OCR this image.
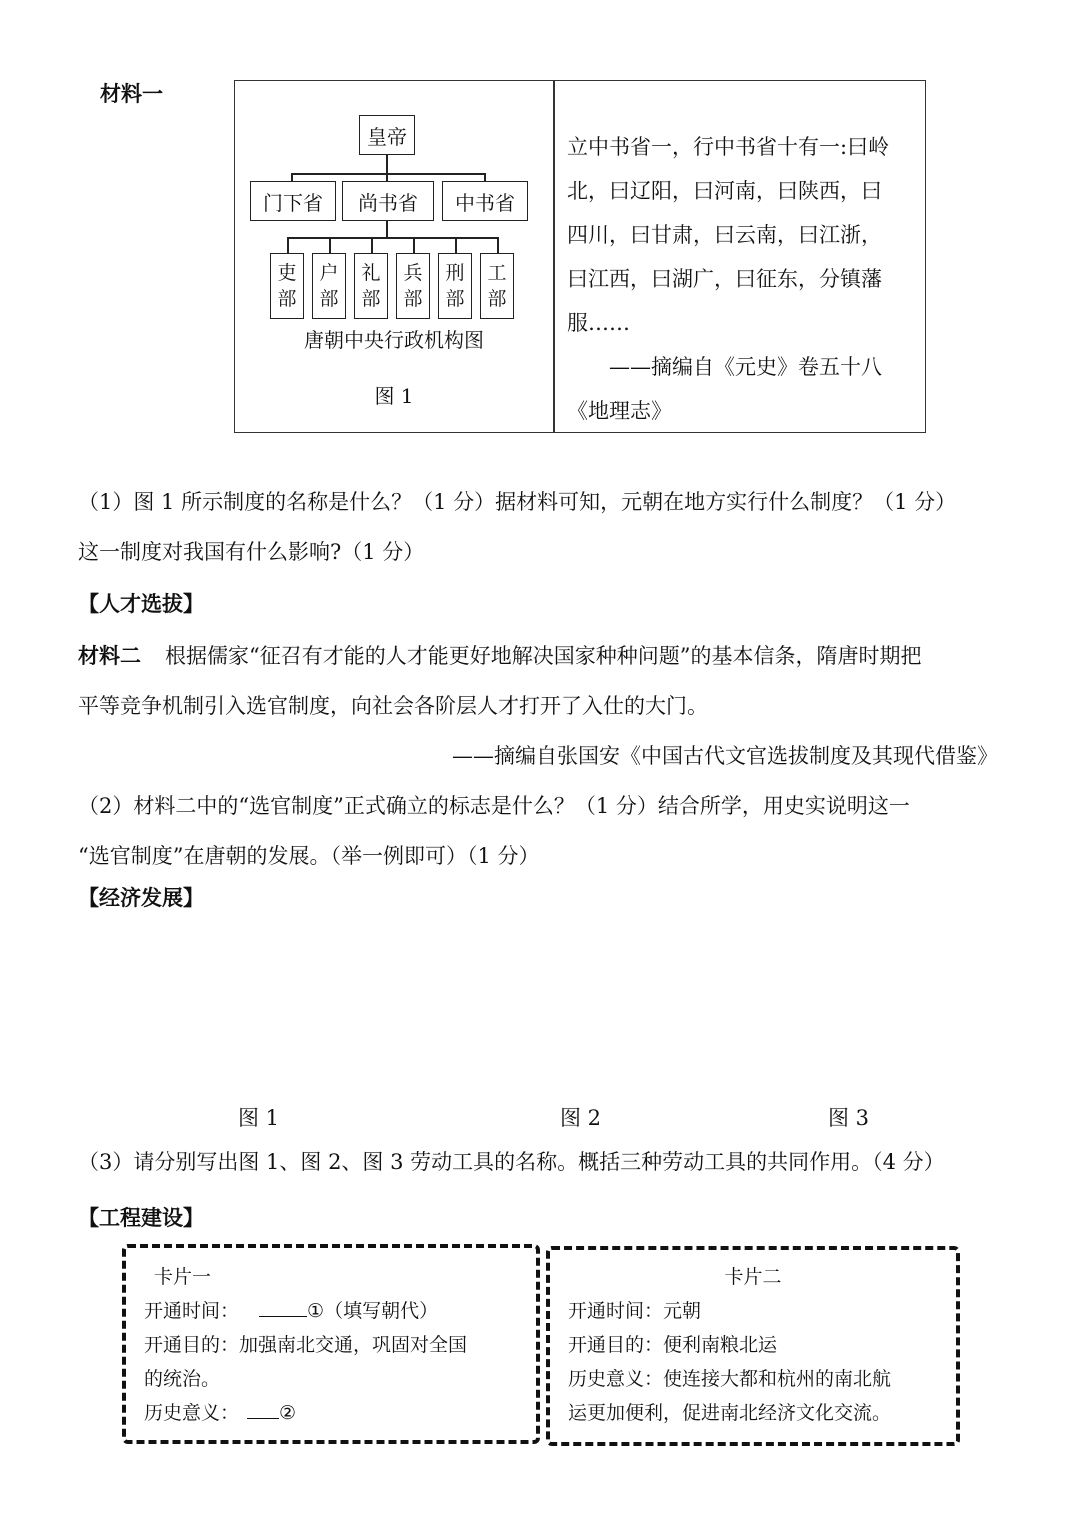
材料一
皇帝
门下省	尚书省	中书省
吏
部
户
部
礼
部
兵
部
刑
部
工
部
唐朝中央行政机构图
图 1
立中书省一，行中书省十有一:曰岭
北，曰辽阳，曰河南，曰陕西，曰
四川，曰甘肃，曰云南，曰江浙，
曰江西，曰湖广，曰征东，分镇藩
服……
——摘编自《元史》卷五十八
《地理志》
（1）图 1 所示制度的名称是什么？（1 分）据材料可知，元朝在地方实行什么制度？（1 分）
这一制度对我国有什么影响?（1 分）
【人才选拔】
材料二 根据儒家“征召有才能的人才能更好地解决国家种种问题”的基本信条，隋唐时期把
平等竞争机制引入选官制度，向社会各阶层人才打开了入仕的大门。
——摘编自张国安《中国古代文官选拔制度及其现代借鉴》
（2）材料二中的“选官制度”正式确立的标志是什么？（1 分）结合所学，用史实说明这一
“选官制度”在唐朝的发展。（举一例即可）（1 分）
【经济发展】
图 1	图 2	图 3
（3）请分别写出图 1、图 2、图 3 劳动工具的名称。概括三种劳动工具的共同作用。（4 分）
【工程建设】
卡片一
开通时间：	①（填写朝代）
开通目的：加强南北交通，巩固对全国
的统治。
历史意义： ②
卡片二
开通时间：元朝
开通目的：便利南粮北运
历史意义：使连接大都和杭州的南北航
运更加便利，促进南北经济文化交流。
